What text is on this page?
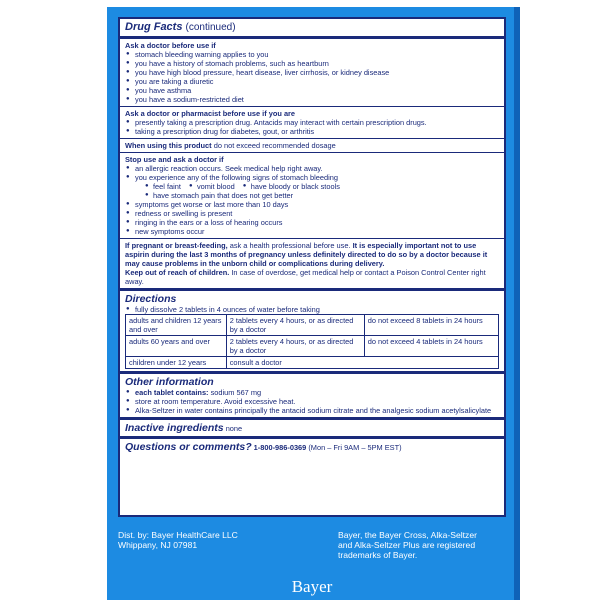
Drug Facts (continued)
Ask a doctor before use if
● stomach bleeding warning applies to you
● you have a history of stomach problems, such as heartburn
● you have high blood pressure, heart disease, liver cirrhosis, or kidney disease
● you are taking a diuretic
● you have asthma
● you have a sodium-restricted diet
Ask a doctor or pharmacist before use if you are
● presently taking a prescription drug. Antacids may interact with certain prescription drugs.
● taking a prescription drug for diabetes, gout, or arthritis
When using this product do not exceed recommended dosage
Stop use and ask a doctor if
● an allergic reaction occurs. Seek medical help right away.
● you experience any of the following signs of stomach bleeding
● feel faint	● vomit blood	● have bloody or black stools
● have stomach pain that does not get better
● symptoms get worse or last more than 10 days
● redness or swelling is present
● ringing in the ears or a loss of hearing occurs
● new symptoms occur
If pregnant or breast-feeding, ask a health professional before use. It is especially important not to use aspirin during the last 3 months of pregnancy unless definitely directed to do so by a doctor because it may cause problems in the unborn child or complications during delivery.
Keep out of reach of children. In case of overdose, get medical help or contact a Poison Control Center right away.
Directions
● fully dissolve 2 tablets in 4 ounces of water before taking
adults and children 12 years and over	2 tablets every 4 hours, or as directed by a doctor	do not exceed 8 tablets in 24 hours
adults 60 years and over	2 tablets every 4 hours, or as directed by a doctor	do not exceed 4 tablets in 24 hours
children under 12 years	consult a doctor	
Other information
● each tablet contains: sodium 567 mg
● store at room temperature. Avoid excessive heat.
● Alka-Seltzer in water contains principally the antacid sodium citrate and the analgesic sodium acetylsalicylate
Inactive ingredients none
Questions or comments? 1-800-986-0369 (Mon – Fri 9AM – 5PM EST)
Dist. by: Bayer HealthCare LLC
Whippany, NJ 07981
Bayer, the Bayer Cross, Alka-Seltzer
and Alka-Seltzer Plus are registered
trademarks of Bayer.
Bayer
